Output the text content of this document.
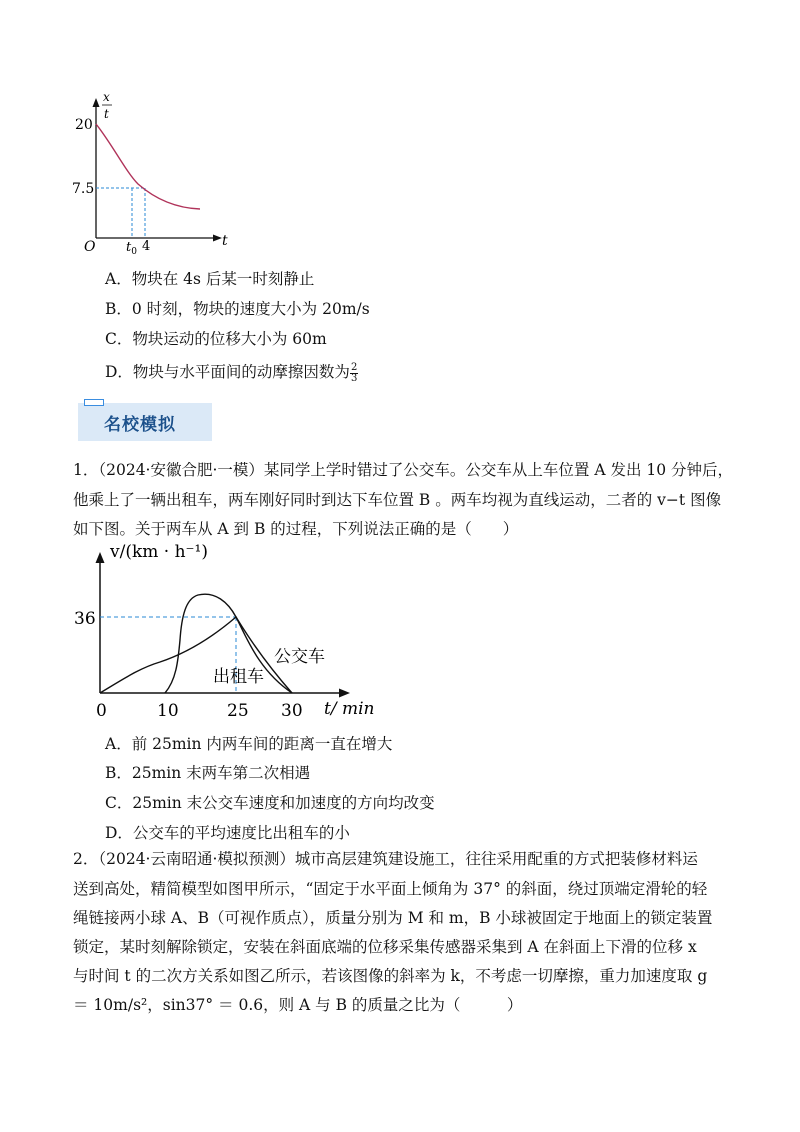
x
t
20
7.5
O $t_0$ 4	t
A．物块在 4s 后某一时刻静止
B．0 时刻，物块的速度大小为 20m/s
C．物块运动的位移大小为 60m
D．物块与水平面间的动摩擦因数为 $\frac{2}{3}$
名校模拟
1．（2024·安徽合肥·一模）某同学上学时错过了公交车。公交车从上车位置 A 发出 10 分钟后，
他乘上了一辆出租车，两车刚好同时到达下车位置 B 。两车均视为直线运动，二者的 v−t 图像
如下图。关于两车从 A 到 B 的过程，下列说法正确的是（　　）
v/(km · h⁻¹)
36
0	10	25 30 t/ min
公交车
出租车
A．前 25min 内两车间的距离一直在增大
B．25min 末两车第二次相遇
C．25min 末公交车速度和加速度的方向均改变
D．公交车的平均速度比出租车的小
2．（2024·云南昭通·模拟预测）城市高层建筑建设施工，往往采用配重的方式把装修材料运
送到高处，精简模型如图甲所示，“固定于水平面上倾角为 37° 的斜面，绕过顶端定滑轮的轻
绳链接两小球 A、B（可视作质点），质量分别为 M 和 m，B 小球被固定于地面上的锁定装置
锁定，某时刻解除锁定，安装在斜面底端的位移采集传感器采集到 A 在斜面上下滑的位移 x
与时间 t 的二次方关系如图乙所示，若该图像的斜率为 k，不考虑一切摩擦，重力加速度取 g
＝ 10m/s²，sin37° ＝ 0.6，则 A 与 B 的质量之比为（　　　）
